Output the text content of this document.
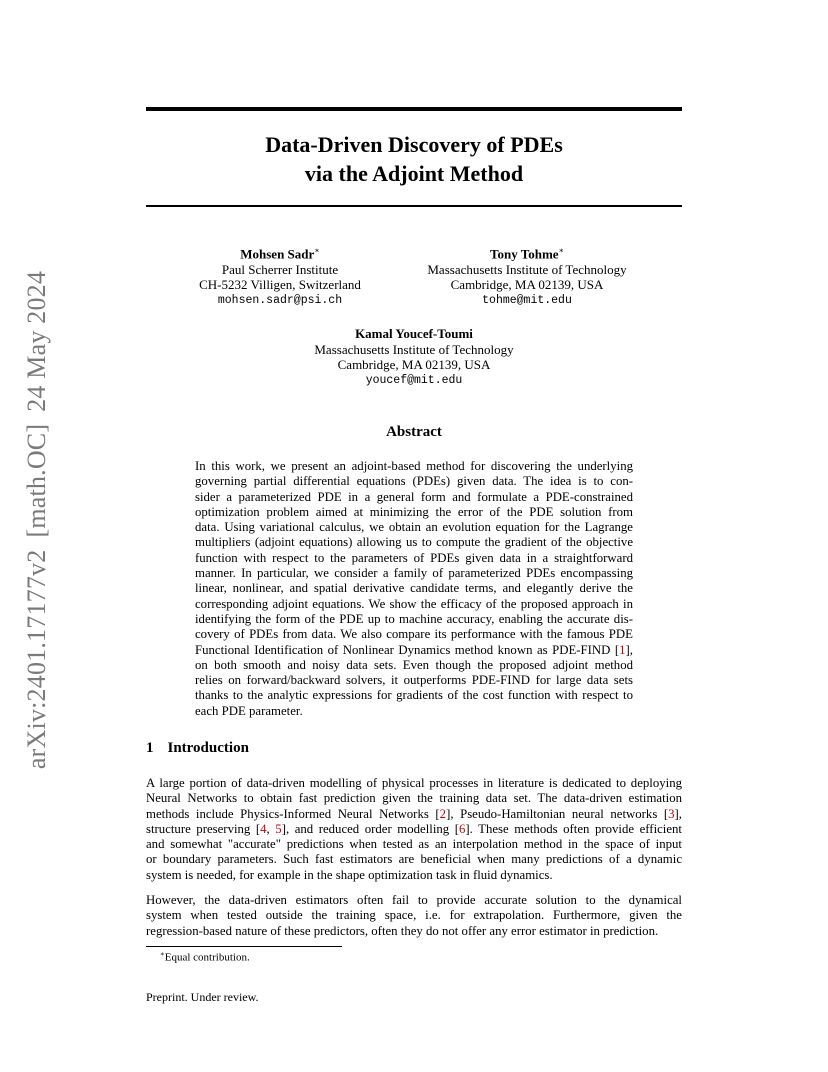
arXiv:2401.17177v2[math.OC]24 May 2024
Data-Driven Discovery of PDEs
via the Adjoint Method
Mohsen Sadr∗
Paul Scherrer Institute
CH-5232 Villigen, Switzerland
mohsen.sadr@psi.ch
Tony Tohme∗
Massachusetts Institute of Technology
Cambridge, MA 02139, USA
tohme@mit.edu
Kamal Youcef-Toumi
Massachusetts Institute of Technology
Cambridge, MA 02139, USA
youcef@mit.edu
Abstract
In this work, we present an adjoint-based method for discovering the underlying
governing partial differential equations (PDEs) given data. The idea is to con-
sider a parameterized PDE in a general form and formulate a PDE-constrained
optimization problem aimed at minimizing the error of the PDE solution from
data. Using variational calculus, we obtain an evolution equation for the Lagrange
multipliers (adjoint equations) allowing us to compute the gradient of the objective
function with respect to the parameters of PDEs given data in a straightforward
manner. In particular, we consider a family of parameterized PDEs encompassing
linear, nonlinear, and spatial derivative candidate terms, and elegantly derive the
corresponding adjoint equations. We show the efficacy of the proposed approach in
identifying the form of the PDE up to machine accuracy, enabling the accurate dis-
covery of PDEs from data. We also compare its performance with the famous PDE
Functional Identification of Nonlinear Dynamics method known as PDE-FIND [1],
on both smooth and noisy data sets. Even though the proposed adjoint method
relies on forward/backward solvers, it outperforms PDE-FIND for large data sets
thanks to the analytic expressions for gradients of the cost function with respect to
each PDE parameter.
1 Introduction
A large portion of data-driven modelling of physical processes in literature is dedicated to deploying
Neural Networks to obtain fast prediction given the training data set. The data-driven estimation
methods include Physics-Informed Neural Networks [2], Pseudo-Hamiltonian neural networks [3],
structure preserving [4, 5], and reduced order modelling [6]. These methods often provide efficient
and somewhat "accurate" predictions when tested as an interpolation method in the space of input
or boundary parameters. Such fast estimators are beneficial when many predictions of a dynamic
system is needed, for example in the shape optimization task in fluid dynamics.
However, the data-driven estimators often fail to provide accurate solution to the dynamical
system when tested outside the training space, i.e. for extrapolation. Furthermore, given the
regression-based nature of these predictors, often they do not offer any error estimator in prediction.
∗Equal contribution.
Preprint. Under review.
